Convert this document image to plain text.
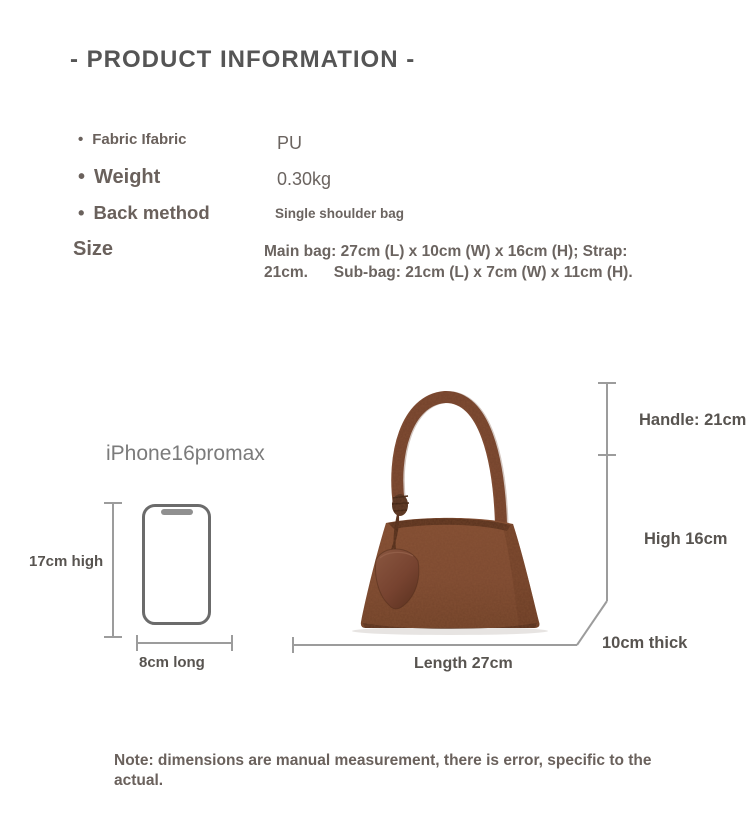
- PRODUCT INFORMATION -
• Fabric Ifabric	PU
• Weight	0.30kg
• Back method	Single shoulder bag
Size	Main bag: 27cm (L) x 10cm (W) x 16cm (H); Strap:
21cm.      Sub-bag: 21cm (L) x 7cm (W) x 11cm (H).
iPhone16promax
17cm high
8cm long
Handle: 21cm
High 16cm
10cm thick
Length 27cm
Note: dimensions are manual measurement, there is error, specific to the
actual.
